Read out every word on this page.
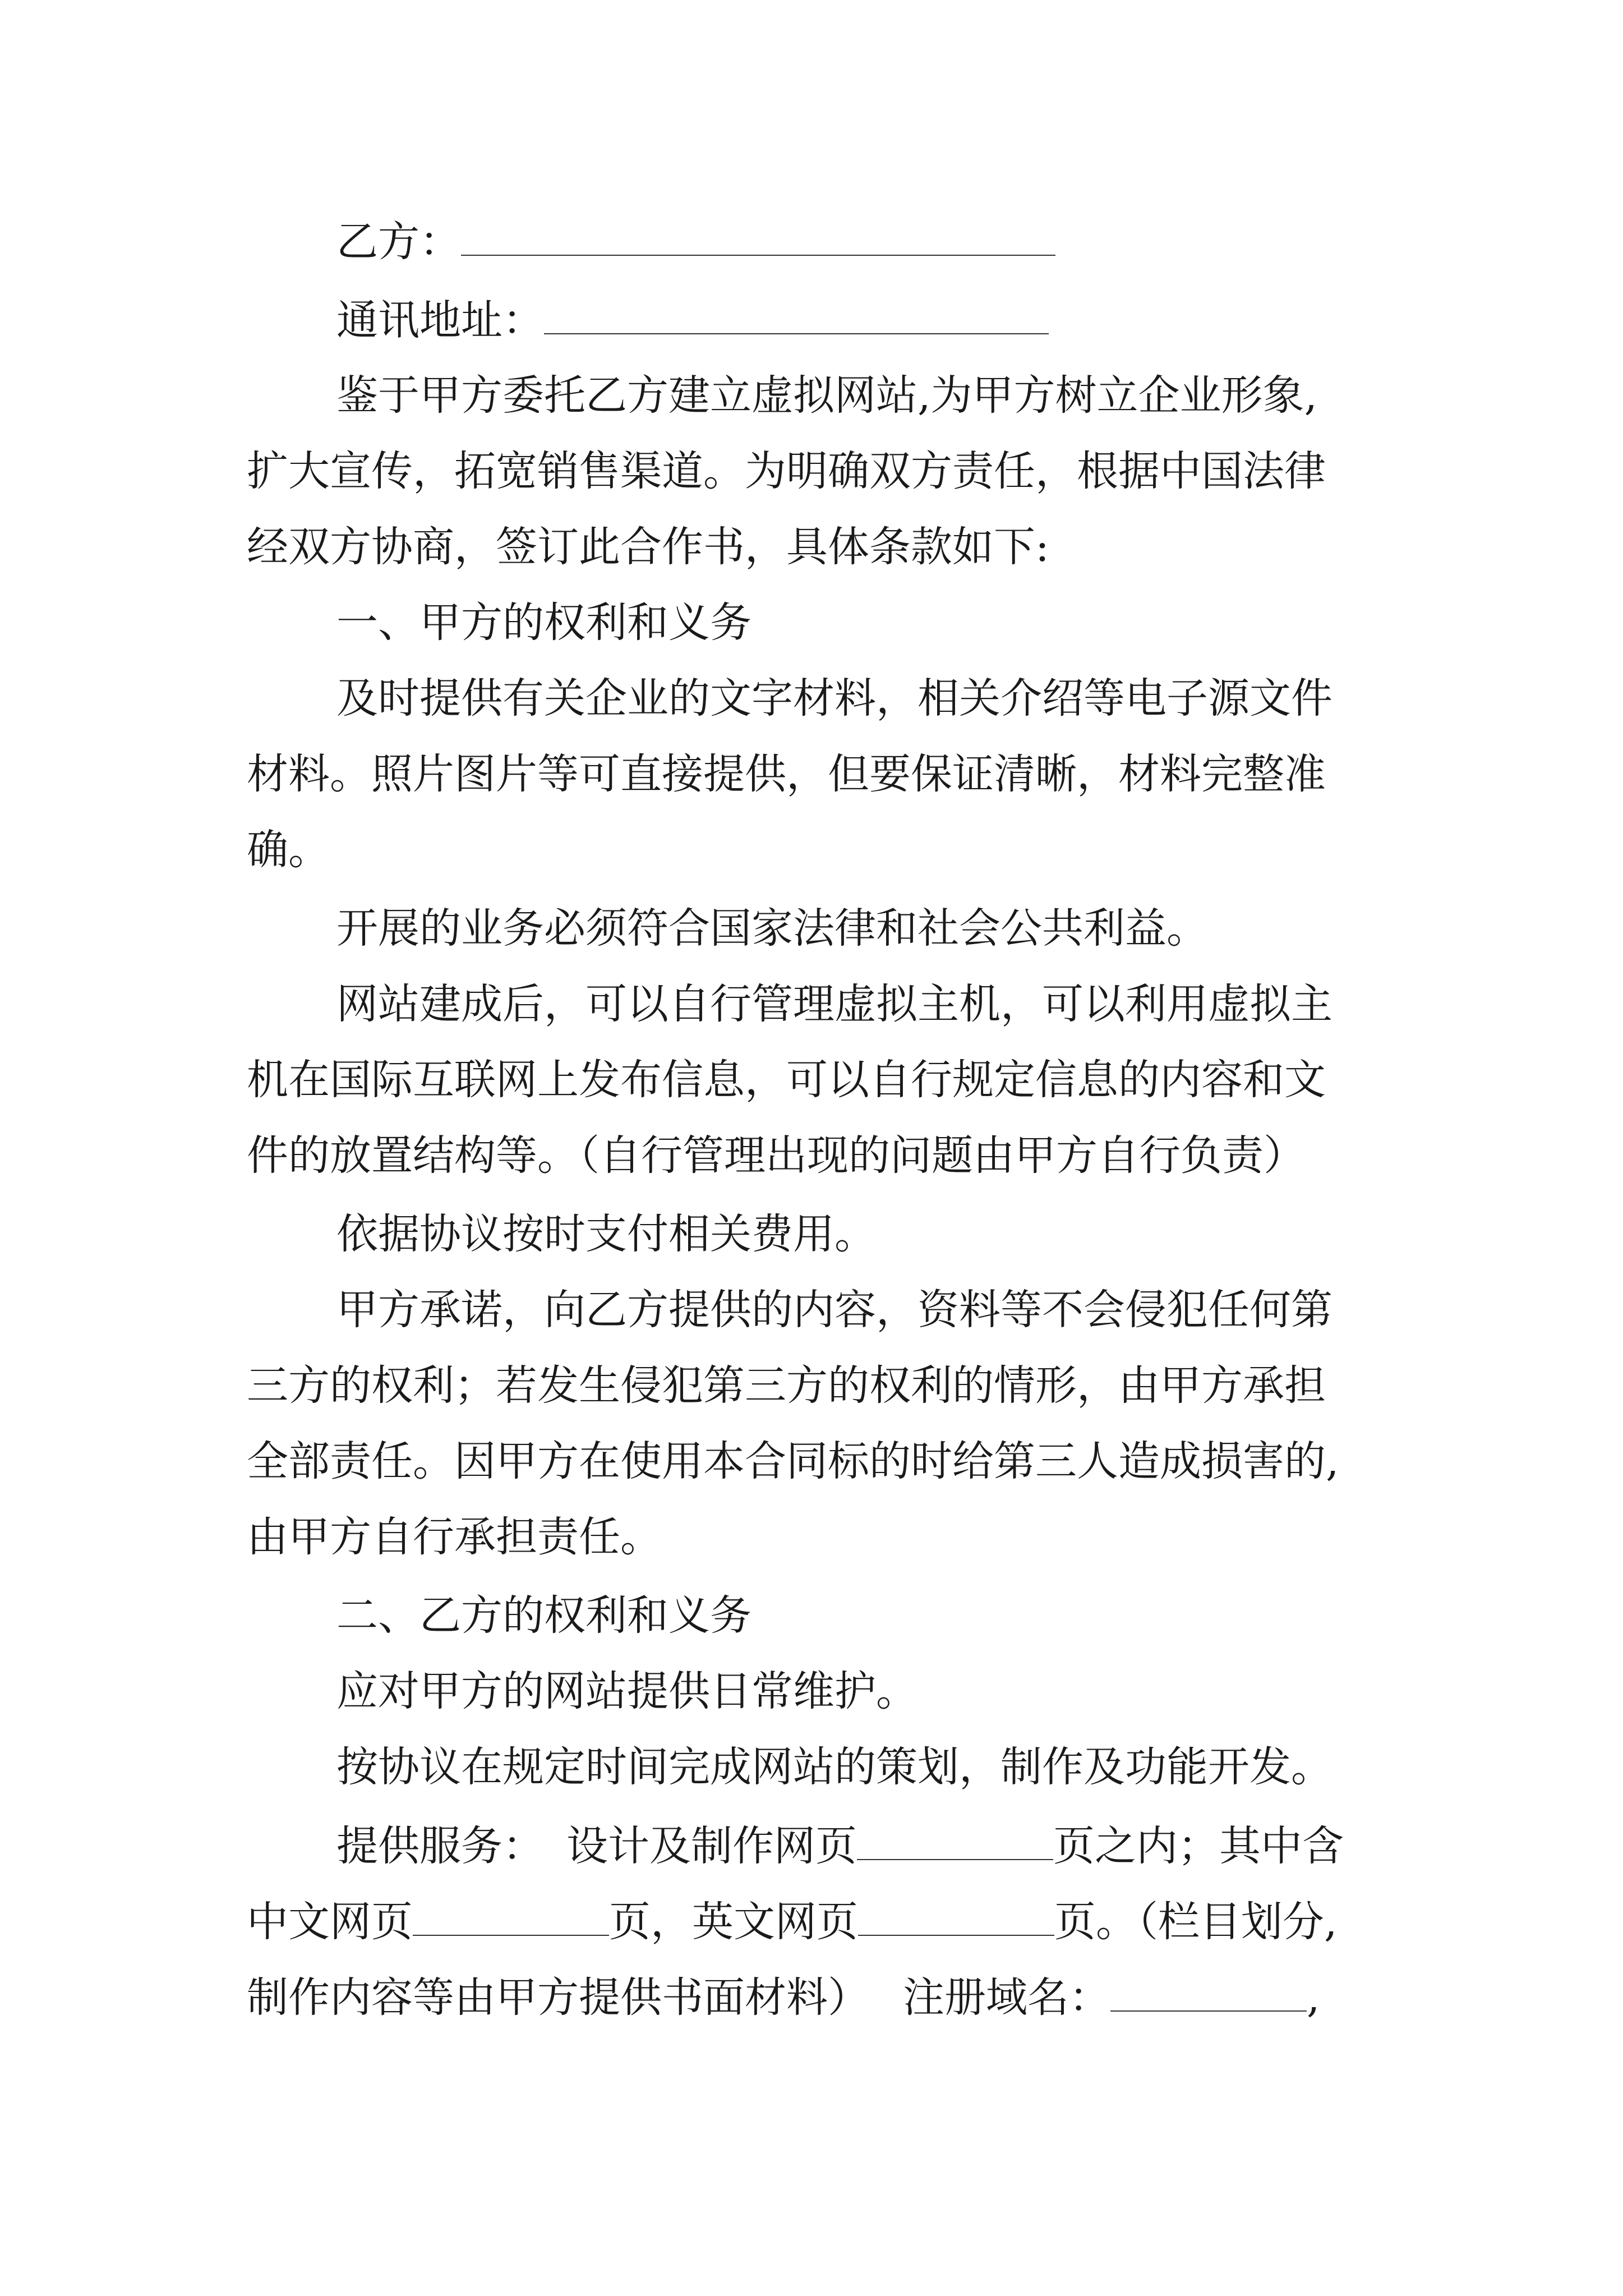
乙方：
通讯地址：
鉴于甲方委托乙方建立虚拟网站,为甲方树立企业形象,
扩大宣传，拓宽销售渠道。为明确双方责任，根据中国法律
经双方协商，签订此合作书，具体条款如下:
一、甲方的权利和义务
及时提供有关企业的文字材料，相关介绍等电子源文件
材料。照片图片等可直接提供，但要保证清晰，材料完整准
确。
开展的业务必须符合国家法律和社会公共利益。
网站建成后，可以自行管理虚拟主机，可以利用虚拟主
机在国际互联网上发布信息，可以自行规定信息的内容和文
件的放置结构等。（自行管理出现的问题由甲方自行负责）
依据协议按时支付相关费用。
甲方承诺，向乙方提供的内容，资料等不会侵犯任何第
三方的权利；若发生侵犯第三方的权利的情形，由甲方承担
全部责任。因甲方在使用本合同标的时给第三人造成损害的,
由甲方自行承担责任。
二、乙方的权利和义务
应对甲方的网站提供日常维护。
按协议在规定时间完成网站的策划，制作及功能开发。
提供服务： 设计及制作网页	页之内；其中含
中文网页	页，英文网页	页。（栏目划分,
制作内容等由甲方提供书面材料） 注册域名：	,
